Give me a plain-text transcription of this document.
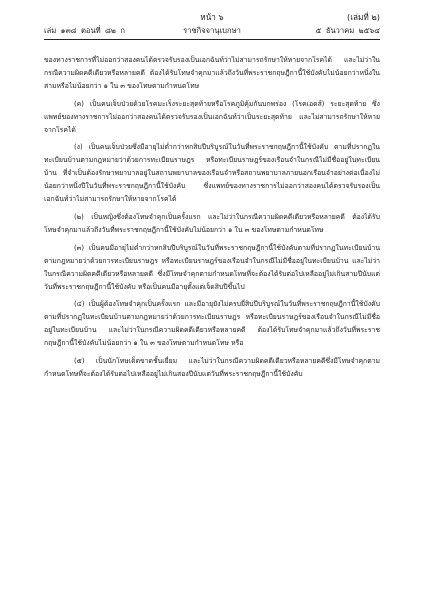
หน้า ๖	(เล่มที่ ๒)
เล่ม ๑๓๘ ตอนที่ ๘๒ ก	ราชกิจจานุเบกษา	๕ ธันวาคม ๒๕๖๔

ของทางราชการที่ไม่ออกว่าสองคนได้ตรวจรับรองเป็นเอกฉันท์ว่าไม่สามารถรักษาให้หายจากโรคได้ และไม่ว่าในกรณีความผิดคดีเดียวหรือหลายคดี ต้องได้รับโทษจำคุกมาแล้วถึงวันที่พระราชกฤษฎีกานี้ใช้บังคับไม่น้อยกว่าหนึ่งในสามหรือไม่น้อยกว่า ๑ ใน ๓ ของโทษตามกำหนดโทษ

(ค) เป็นคนเจ็บป่วยด้วยโรคมะเร็งระยะสุดท้ายหรือโรคภูมิคุ้มกันบกพร่อง (โรคเอดส์) ระยะสุดท้าย ซึ่งแพทย์ของทางราชการไม่ออกว่าสองคนได้ตรวจรับรองเป็นเอกฉันท์ว่าเป็นระยะสุดท้าย และไม่สามารถรักษาให้หายจากโรคได้

(ง) เป็นคนเจ็บป่วยซึ่งมีอายุไม่ต่ำกว่าหกสิบปีบริบูรณ์ในวันที่พระราชกฤษฎีกานี้ใช้บังคับ ตามที่ปรากฏในทะเบียนบ้านตามกฎหมายว่าด้วยการทะเบียนราษฎร หรือทะเบียนราษฎร์ของเรือนจำในกรณีไม่มีชื่ออยู่ในทะเบียนบ้าน ที่จำเป็นต้องรักษาพยาบาลอยู่ในสถานพยาบาลของเรือนจำหรือสถานพยาบาลภายนอกเรือนจำอย่างต่อเนื่องไม่น้อยกว่าหนึ่งปีในวันที่พระราชกฤษฎีกานี้ใช้บังคับ ซึ่งแพทย์ของทางราชการไม่ออกว่าสองคนได้ตรวจรับรองเป็นเอกฉันท์ว่าไม่สามารถรักษาให้หายจากโรคได้

(๒) เป็นหญิงซึ่งต้องโทษจำคุกเป็นครั้งแรก และไม่ว่าในกรณีความผิดคดีเดียวหรือหลายคดี ต้องได้รับโทษจำคุกมาแล้วถึงวันที่พระราชกฤษฎีกานี้ใช้บังคับไม่น้อยกว่า ๑ ใน ๓ ของโทษตามกำหนดโทษ

(๓) เป็นคนมีอายุไม่ต่ำกว่าหกสิบปีบริบูรณ์ในวันที่พระราชกฤษฎีกานี้ใช้บังคับตามที่ปรากฏในทะเบียนบ้านตามกฎหมายว่าด้วยการทะเบียนราษฎร หรือทะเบียนราษฎร์ของเรือนจำในกรณีไม่มีชื่ออยู่ในทะเบียนบ้าน และไม่ว่าในกรณีความผิดคดีเดียวหรือหลายคดี ซึ่งมีโทษจำคุกตามกำหนดโทษที่จะต้องได้รับต่อไปเหลืออยู่ไม่เกินสามปีนับแต่วันที่พระราชกฤษฎีกานี้ใช้บังคับ หรือเป็นคนมีอายุตั้งแต่เจ็ดสิบปีขึ้นไป

(๔) เป็นผู้ต้องโทษจำคุกเป็นครั้งแรก และมีอายุยังไม่ครบยี่สิบปีบริบูรณ์ในวันที่พระราชกฤษฎีกานี้ใช้บังคับตามที่ปรากฏในทะเบียนบ้านตามกฎหมายว่าด้วยการทะเบียนราษฎร หรือทะเบียนราษฎร์ของเรือนจำในกรณีไม่มีชื่ออยู่ในทะเบียนบ้าน และไม่ว่าในกรณีความผิดคดีเดียวหรือหลายคดี ต้องได้รับโทษจำคุกมาแล้วถึงวันที่พระราชกฤษฎีกานี้ใช้บังคับไม่น้อยกว่า ๑ ใน ๓ ของโทษตามกำหนดโทษ หรือ

(๕) เป็นนักโทษเด็ดขาดชั้นเยี่ยม และไม่ว่าในกรณีความผิดคดีเดียวหรือหลายคดีซึ่งมีโทษจำคุกตามกำหนดโทษที่จะต้องได้รับต่อไปเหลืออยู่ไม่เกินสองปีนับแต่วันที่พระราชกฤษฎีกานี้ใช้บังคับ
